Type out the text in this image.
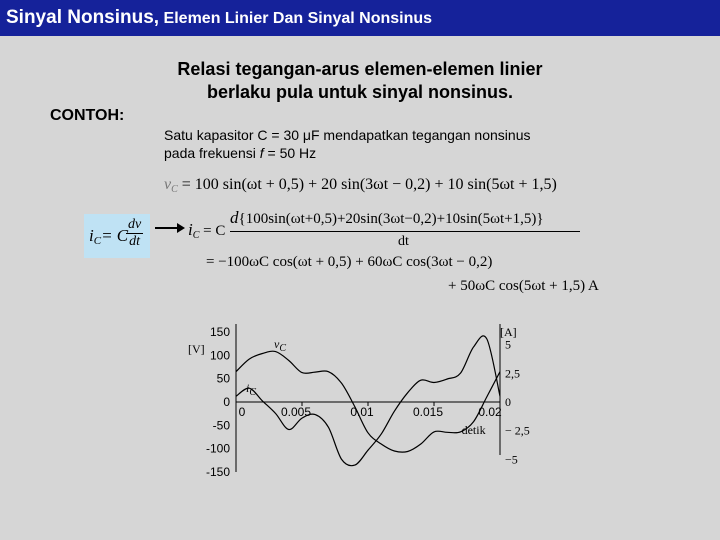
Sinyal Nonsinus, Elemen Linier Dan Sinyal Nonsinus
Relasi tegangan-arus elemen-elemen linier
berlaku pula untuk sinyal nonsinus.
CONTOH:
Satu kapasitor C = 30 μF mendapatkan tegangan nonsinus
pada frekuensi f = 50 Hz
$v_C = 100$ sin(ωt + 0,5) + 20 sin(3ωt − 0,2) + 10 sin(5ωt + 1,5)
iC= C
$\frac{dv}{dt}$	$i_C = C$
d{100sin(ωt+0,5)+20sin(3ωt−0,2)+10sin(5ωt+1,5)}
dt
= −100ωC cos(ωt + 0,5) + 60ωC cos(3ωt − 0,2)
+ 50ωC cos(5ωt + 1,5) A
150
100
50
0
-50
-100
-150
[V]	5
2,5
0
− 2,5
−5
[A]
0	0.005	0.01	0.015	0.02
detik
$v_C$
$i_C$
